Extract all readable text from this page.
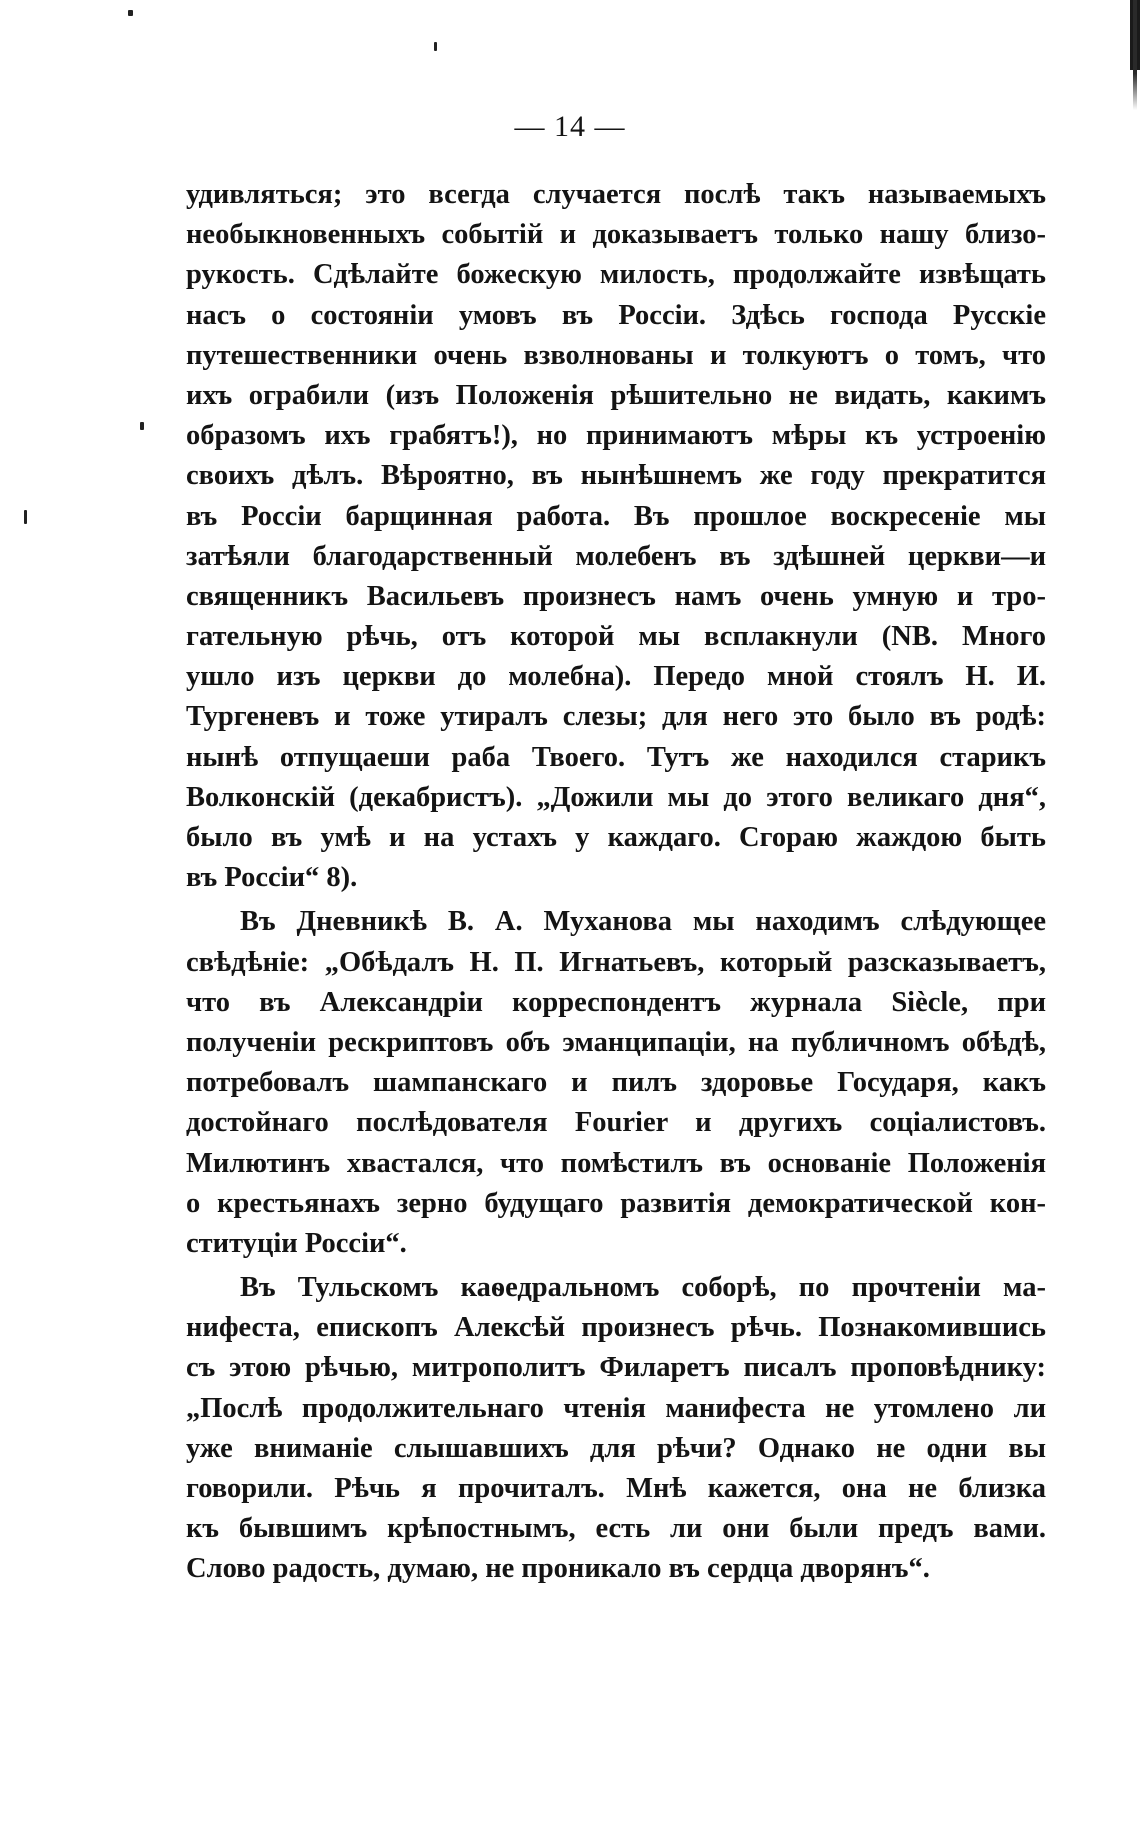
— 14 —
удивляться; это всегда случается послѣ такъ называемыхъ
необыкновенныхъ событій и доказываетъ только нашу близо-
рукость. Сдѣлайте божескую милость, продолжайте извѣщать
насъ о состояніи умовъ въ Россіи. Здѣсь господа Русскіе
путешественники очень взволнованы и толкуютъ о томъ, что
ихъ ограбили (изъ Положенія рѣшительно не видать, какимъ
образомъ ихъ грабятъ!), но принимаютъ мѣры къ устроенію
своихъ дѣлъ. Вѣроятно, въ нынѣшнемъ же году прекратится
въ Россіи барщинная работа. Въ прошлое воскресеніе мы
затѣяли благодарственный молебенъ въ здѣшней церкви—и
священникъ Васильевъ произнесъ намъ очень умную и тро-
гательную рѣчь, отъ которой мы всплакнули (NB. Много
ушло изъ церкви до молебна). Передо мной стоялъ Н. И.
Тургеневъ и тоже утиралъ слезы; для него это было въ родѣ:
нынѣ отпущаеши раба Твоего. Тутъ же находился старикъ
Волконскій (декабристъ). „Дожили мы до этого великаго дня“,
было въ умѣ и на устахъ у каждаго. Сгораю жаждою быть
въ Россіи“ 8).
Въ Дневникѣ В. А. Муханова мы находимъ слѣдующее
свѣдѣніе: „Обѣдалъ Н. П. Игнатьевъ, который разсказываетъ,
что въ Александріи корреспондентъ журнала Siècle, при
полученіи рескриптовъ объ эманципаціи, на публичномъ обѣдѣ,
потребовалъ шампанскаго и пилъ здоровье Государя, какъ
достойнаго послѣдователя Fourier и другихъ соціалистовъ.
Милютинъ хвастался, что помѣстилъ въ основаніе Положенія
о крестьянахъ зерно будущаго развитія демократической кон-
ституціи Россіи“.
Въ Тульскомъ каѳедральномъ соборѣ, по прочтеніи ма-
нифеста, епископъ Алексѣй произнесъ рѣчь. Познакомившись
съ этою рѣчью, митрополитъ Филаретъ писалъ проповѣднику:
„Послѣ продолжительнаго чтенія манифеста не утомлено ли
уже вниманіе слышавшихъ для рѣчи? Однако не одни вы
говорили. Рѣчь я прочиталъ. Мнѣ кажется, она не близка
къ бывшимъ крѣпостнымъ, есть ли они были предъ вами.
Слово радость, думаю, не проникало въ сердца дворянъ“.
